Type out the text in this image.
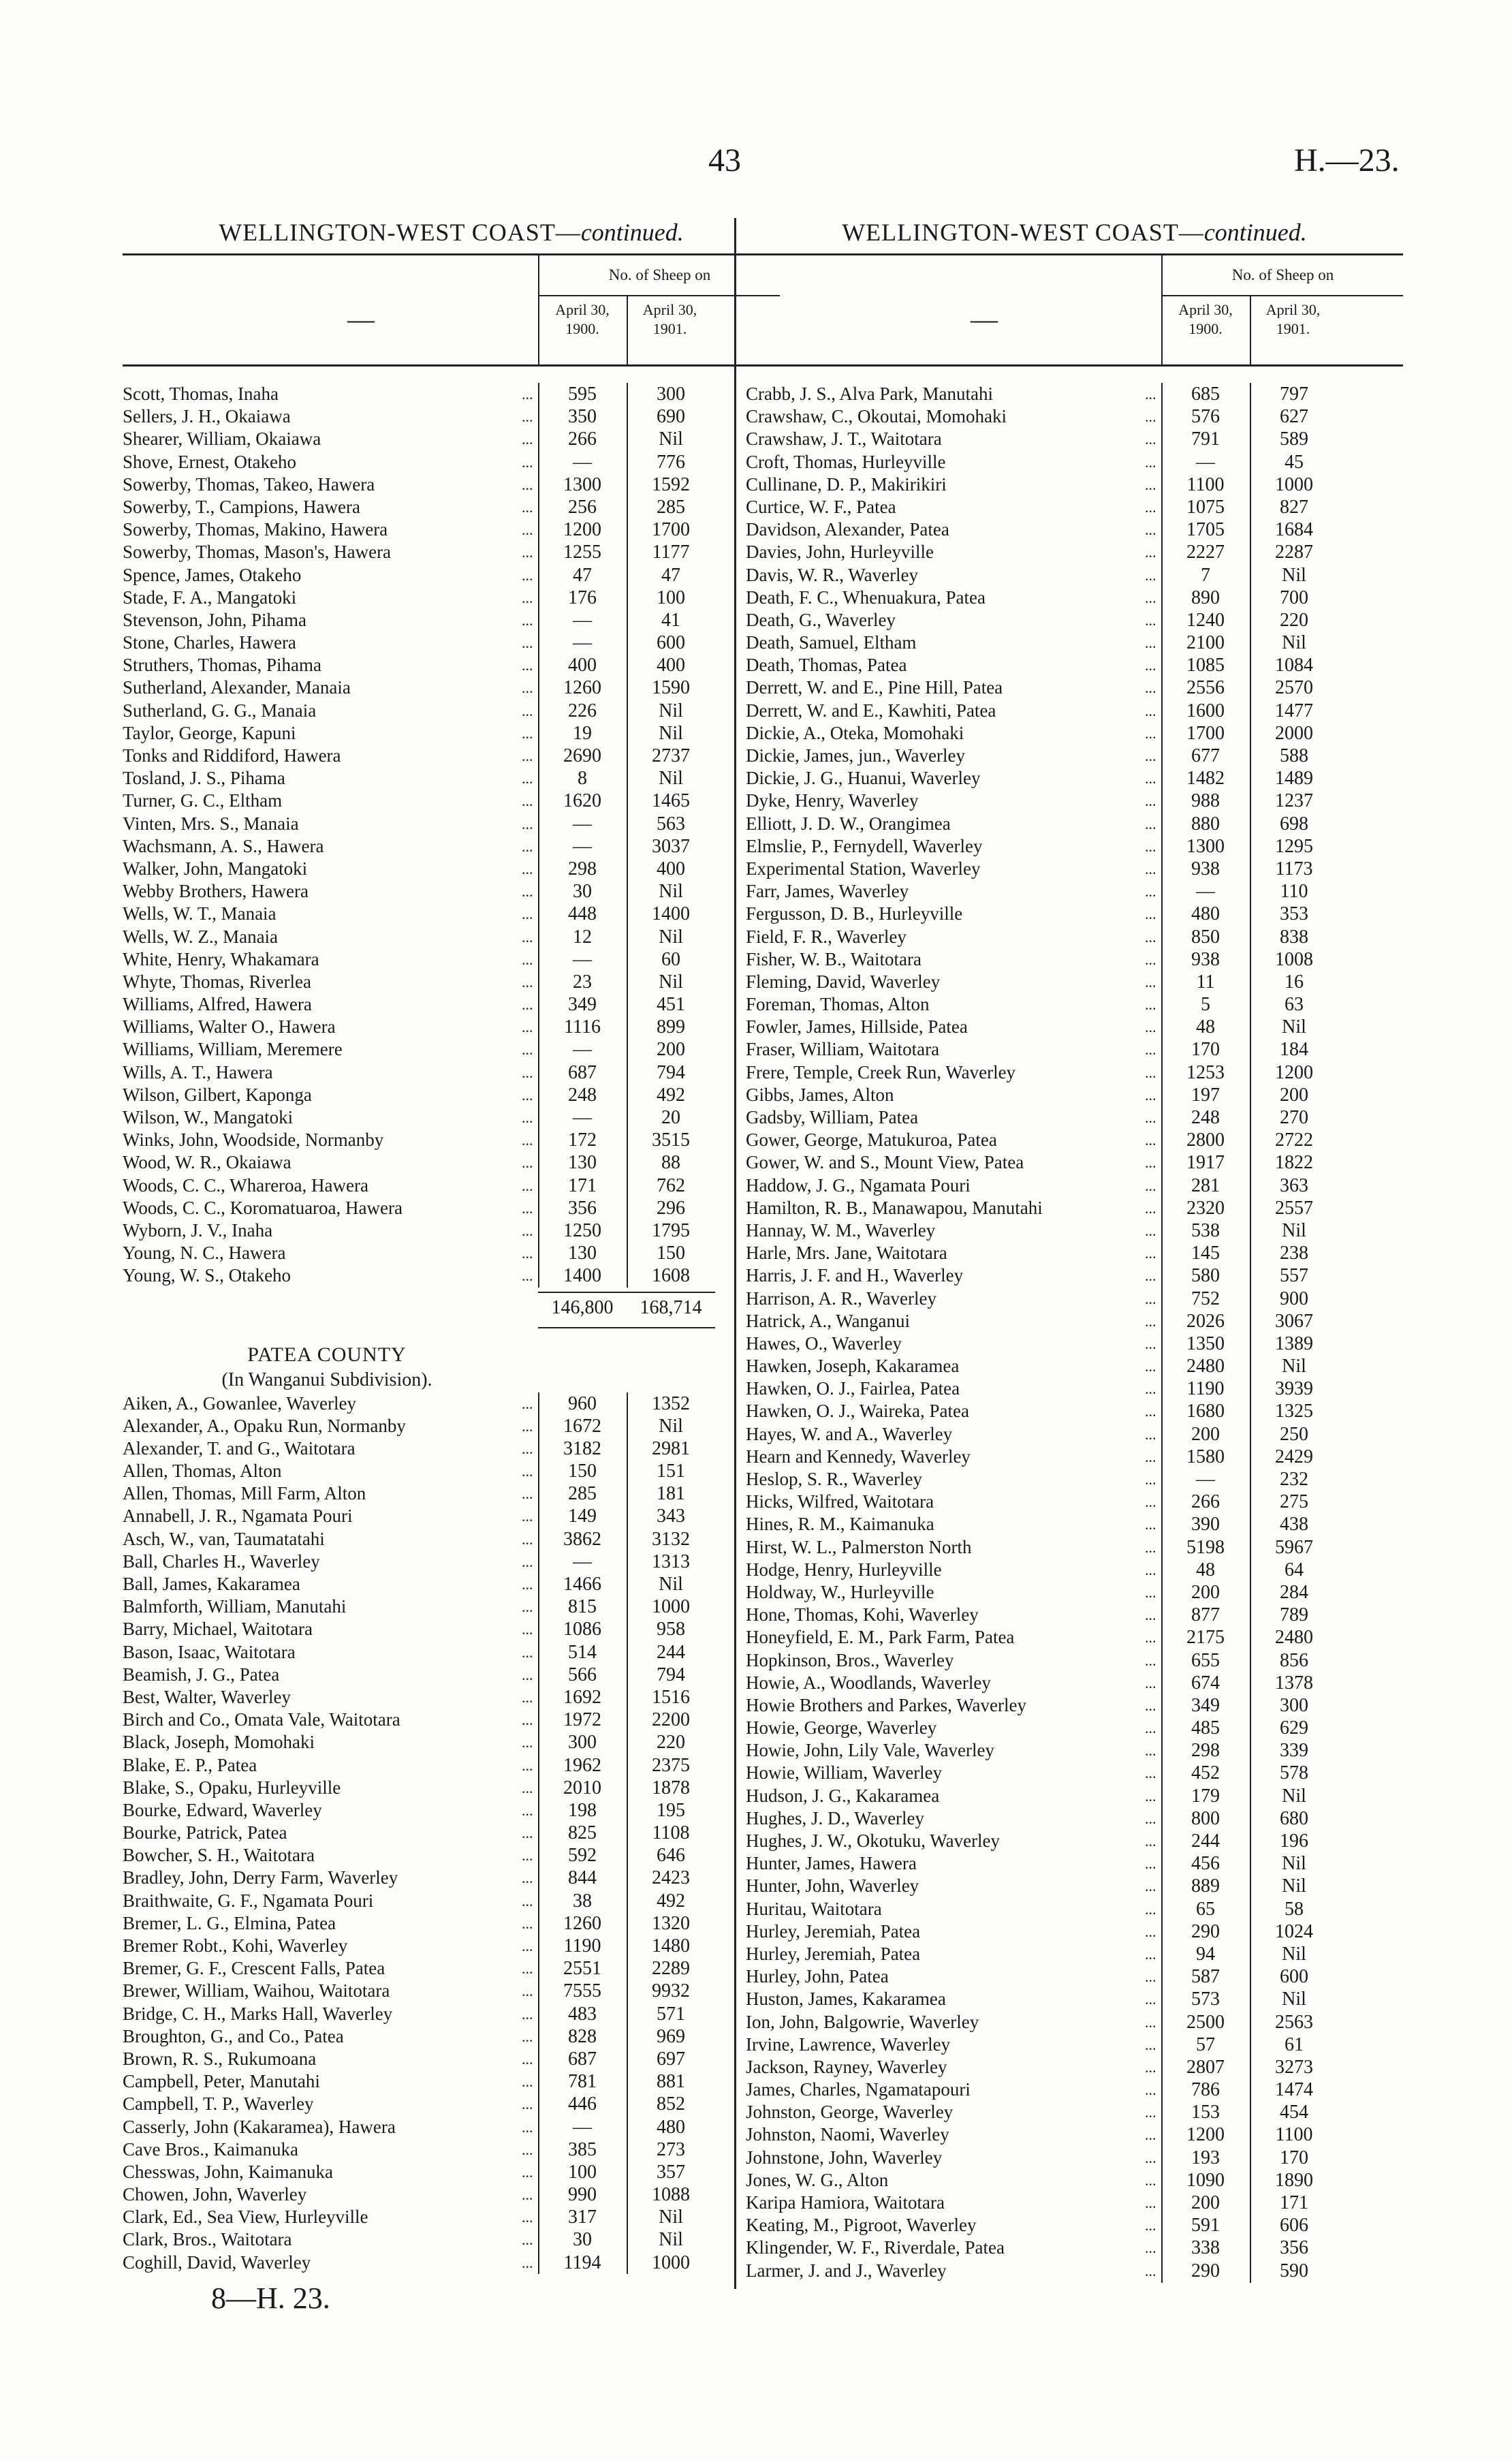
43	H.—23.
WELLINGTON-WEST COAST—continued.
—
No. of Sheep on
April 30, 1900.
April 30, 1901.
Scott, Thomas, Inaha	...	595	300
Sellers, J. H., Okaiawa	...	350	690
Shearer, William, Okaiawa	...	266	Nil
Shove, Ernest, Otakeho	...	—	776
Sowerby, Thomas, Takeo, Hawera	...	1300	1592
Sowerby, T., Campions, Hawera	...	256	285
Sowerby, Thomas, Makino, Hawera	...	1200	1700
Sowerby, Thomas, Mason's, Hawera	...	1255	1177
Spence, James, Otakeho	...	47	47
Stade, F. A., Mangatoki	...	176	100
Stevenson, John, Pihama	...	—	41
Stone, Charles, Hawera	...	—	600
Struthers, Thomas, Pihama	...	400	400
Sutherland, Alexander, Manaia	...	1260	1590
Sutherland, G. G., Manaia	...	226	Nil
Taylor, George, Kapuni	...	19	Nil
Tonks and Riddiford, Hawera	...	2690	2737
Tosland, J. S., Pihama	...	8	Nil
Turner, G. C., Eltham	...	1620	1465
Vinten, Mrs. S., Manaia	...	—	563
Wachsmann, A. S., Hawera	...	—	3037
Walker, John, Mangatoki	...	298	400
Webby Brothers, Hawera	...	30	Nil
Wells, W. T., Manaia	...	448	1400
Wells, W. Z., Manaia	...	12	Nil
White, Henry, Whakamara	...	—	60
Whyte, Thomas, Riverlea	...	23	Nil
Williams, Alfred, Hawera	...	349	451
Williams, Walter O., Hawera	...	1116	899
Williams, William, Meremere	...	—	200
Wills, A. T., Hawera	...	687	794
Wilson, Gilbert, Kaponga	...	248	492
Wilson, W., Mangatoki	...	—	20
Winks, John, Woodside, Normanby	...	172	3515
Wood, W. R., Okaiawa	...	130	88
Woods, C. C., Whareroa, Hawera	...	171	762
Woods, C. C., Koromatuaroa, Hawera	...	356	296
Wyborn, J. V., Inaha	...	1250	1795
Young, N. C., Hawera	...	130	150
Young, W. S., Otakeho	...	1400	1608
146,800	168,714
PATEA COUNTY
(In Wanganui Subdivision).
Aiken, A., Gowanlee, Waverley	...	960	1352
Alexander, A., Opaku Run, Normanby	...	1672	Nil
Alexander, T. and G., Waitotara	...	3182	2981
Allen, Thomas, Alton	...	150	151
Allen, Thomas, Mill Farm, Alton	...	285	181
Annabell, J. R., Ngamata Pouri	...	149	343
Asch, W., van, Taumatatahi	...	3862	3132
Ball, Charles H., Waverley	...	—	1313
Ball, James, Kakaramea	...	1466	Nil
Balmforth, William, Manutahi	...	815	1000
Barry, Michael, Waitotara	...	1086	958
Bason, Isaac, Waitotara	...	514	244
Beamish, J. G., Patea	...	566	794
Best, Walter, Waverley	...	1692	1516
Birch and Co., Omata Vale, Waitotara	...	1972	2200
Black, Joseph, Momohaki	...	300	220
Blake, E. P., Patea	...	1962	2375
Blake, S., Opaku, Hurleyville	...	2010	1878
Bourke, Edward, Waverley	...	198	195
Bourke, Patrick, Patea	...	825	1108
Bowcher, S. H., Waitotara	...	592	646
Bradley, John, Derry Farm, Waverley	...	844	2423
Braithwaite, G. F., Ngamata Pouri	...	38	492
Bremer, L. G., Elmina, Patea	...	1260	1320
Bremer Robt., Kohi, Waverley	...	1190	1480
Bremer, G. F., Crescent Falls, Patea	...	2551	2289
Brewer, William, Waihou, Waitotara	...	7555	9932
Bridge, C. H., Marks Hall, Waverley	...	483	571
Broughton, G., and Co., Patea	...	828	969
Brown, R. S., Rukumoana	...	687	697
Campbell, Peter, Manutahi	...	781	881
Campbell, T. P., Waverley	...	446	852
Casserly, John (Kakaramea), Hawera	...	—	480
Cave Bros., Kaimanuka	...	385	273
Chesswas, John, Kaimanuka	...	100	357
Chowen, John, Waverley	...	990	1088
Clark, Ed., Sea View, Hurleyville	...	317	Nil
Clark, Bros., Waitotara	...	30	Nil
Coghill, David, Waverley	...	1194	1000
WELLINGTON-WEST COAST—continued.
—
No. of Sheep on
April 30, 1900.
April 30, 1901.
Crabb, J. S., Alva Park, Manutahi	...	685	797
Crawshaw, C., Okoutai, Momohaki	...	576	627
Crawshaw, J. T., Waitotara	...	791	589
Croft, Thomas, Hurleyville	...	—	45
Cullinane, D. P., Makirikiri	...	1100	1000
Curtice, W. F., Patea	...	1075	827
Davidson, Alexander, Patea	...	1705	1684
Davies, John, Hurleyville	...	2227	2287
Davis, W. R., Waverley	...	7	Nil
Death, F. C., Whenuakura, Patea	...	890	700
Death, G., Waverley	...	1240	220
Death, Samuel, Eltham	...	2100	Nil
Death, Thomas, Patea	...	1085	1084
Derrett, W. and E., Pine Hill, Patea	...	2556	2570
Derrett, W. and E., Kawhiti, Patea	...	1600	1477
Dickie, A., Oteka, Momohaki	...	1700	2000
Dickie, James, jun., Waverley	...	677	588
Dickie, J. G., Huanui, Waverley	...	1482	1489
Dyke, Henry, Waverley	...	988	1237
Elliott, J. D. W., Orangimea	...	880	698
Elmslie, P., Fernydell, Waverley	...	1300	1295
Experimental Station, Waverley	...	938	1173
Farr, James, Waverley	...	—	110
Fergusson, D. B., Hurleyville	...	480	353
Field, F. R., Waverley	...	850	838
Fisher, W. B., Waitotara	...	938	1008
Fleming, David, Waverley	...	11	16
Foreman, Thomas, Alton	...	5	63
Fowler, James, Hillside, Patea	...	48	Nil
Fraser, William, Waitotara	...	170	184
Frere, Temple, Creek Run, Waverley	...	1253	1200
Gibbs, James, Alton	...	197	200
Gadsby, William, Patea	...	248	270
Gower, George, Matukuroa, Patea	...	2800	2722
Gower, W. and S., Mount View, Patea	...	1917	1822
Haddow, J. G., Ngamata Pouri	...	281	363
Hamilton, R. B., Manawapou, Manutahi	...	2320	2557
Hannay, W. M., Waverley	...	538	Nil
Harle, Mrs. Jane, Waitotara	...	145	238
Harris, J. F. and H., Waverley	...	580	557
Harrison, A. R., Waverley	...	752	900
Hatrick, A., Wanganui	...	2026	3067
Hawes, O., Waverley	...	1350	1389
Hawken, Joseph, Kakaramea	...	2480	Nil
Hawken, O. J., Fairlea, Patea	...	1190	3939
Hawken, O. J., Waireka, Patea	...	1680	1325
Hayes, W. and A., Waverley	...	200	250
Hearn and Kennedy, Waverley	...	1580	2429
Heslop, S. R., Waverley	...	—	232
Hicks, Wilfred, Waitotara	...	266	275
Hines, R. M., Kaimanuka	...	390	438
Hirst, W. L., Palmerston North	...	5198	5967
Hodge, Henry, Hurleyville	...	48	64
Holdway, W., Hurleyville	...	200	284
Hone, Thomas, Kohi, Waverley	...	877	789
Honeyfield, E. M., Park Farm, Patea	...	2175	2480
Hopkinson, Bros., Waverley	...	655	856
Howie, A., Woodlands, Waverley	...	674	1378
Howie Brothers and Parkes, Waverley	...	349	300
Howie, George, Waverley	...	485	629
Howie, John, Lily Vale, Waverley	...	298	339
Howie, William, Waverley	...	452	578
Hudson, J. G., Kakaramea	...	179	Nil
Hughes, J. D., Waverley	...	800	680
Hughes, J. W., Okotuku, Waverley	...	244	196
Hunter, James, Hawera	...	456	Nil
Hunter, John, Waverley	...	889	Nil
Huritau, Waitotara	...	65	58
Hurley, Jeremiah, Patea	...	290	1024
Hurley, Jeremiah, Patea	...	94	Nil
Hurley, John, Patea	...	587	600
Huston, James, Kakaramea	...	573	Nil
Ion, John, Balgowrie, Waverley	...	2500	2563
Irvine, Lawrence, Waverley	...	57	61
Jackson, Rayney, Waverley	...	2807	3273
James, Charles, Ngamatapouri	...	786	1474
Johnston, George, Waverley	...	153	454
Johnston, Naomi, Waverley	...	1200	1100
Johnstone, John, Waverley	...	193	170
Jones, W. G., Alton	...	1090	1890
Karipa Hamiora, Waitotara	...	200	171
Keating, M., Pigroot, Waverley	...	591	606
Klingender, W. F., Riverdale, Patea	...	338	356
Larmer, J. and J., Waverley	...	290	590
8—H. 23.
